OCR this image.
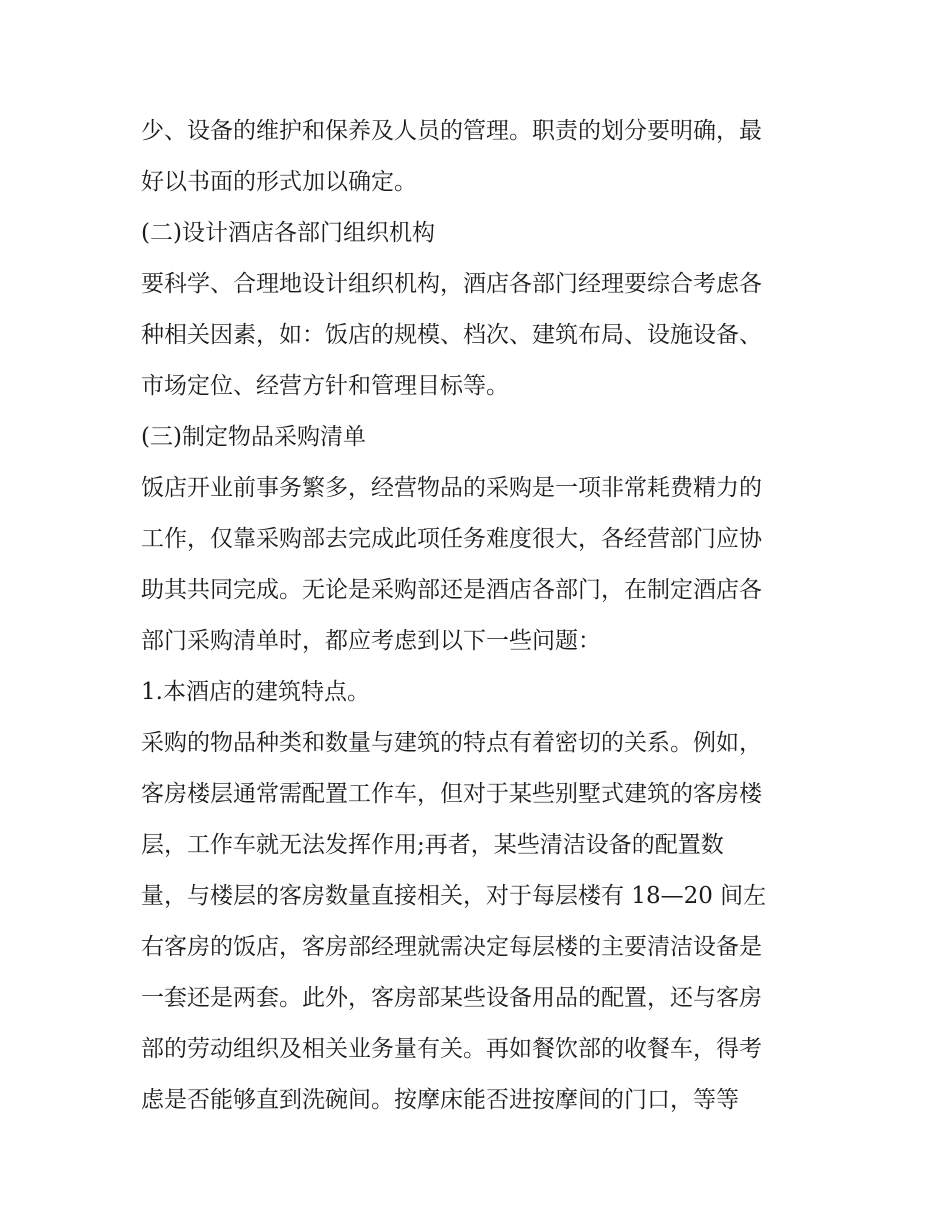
少、设备的维护和保养及人员的管理。职责的划分要明确，最
好以书面的形式加以确定。
(二)设计酒店各部门组织机构
要科学、合理地设计组织机构，酒店各部门经理要综合考虑各
种相关因素，如：饭店的规模、档次、建筑布局、设施设备、
市场定位、经营方针和管理目标等。
(三)制定物品采购清单
饭店开业前事务繁多，经营物品的采购是一项非常耗费精力的
工作，仅靠采购部去完成此项任务难度很大，各经营部门应协
助其共同完成。无论是采购部还是酒店各部门，在制定酒店各
部门采购清单时，都应考虑到以下一些问题：
1.本酒店的建筑特点。
采购的物品种类和数量与建筑的特点有着密切的关系。例如，
客房楼层通常需配置工作车，但对于某些别墅式建筑的客房楼
层，工作车就无法发挥作用;再者，某些清洁设备的配置数
量，与楼层的客房数量直接相关，对于每层楼有 18—20 间左
右客房的饭店，客房部经理就需决定每层楼的主要清洁设备是
一套还是两套。此外，客房部某些设备用品的配置，还与客房
部的劳动组织及相关业务量有关。再如餐饮部的收餐车，得考
虑是否能够直到洗碗间。按摩床能否进按摩间的门口，等等
